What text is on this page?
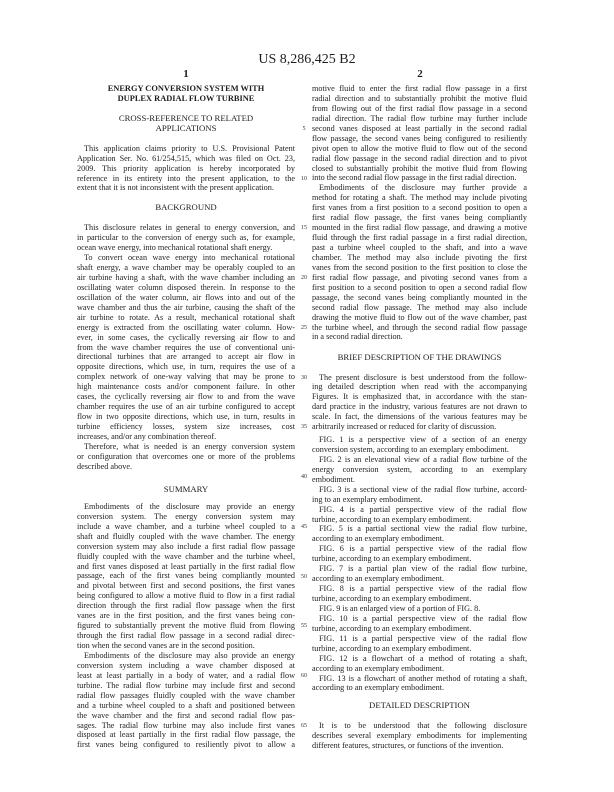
US 8,286,425 B2
1	2
5
10
15
20
25
30
35
40
45
50
55
60
65
ENERGY CONVERSION SYSTEM WITH
DUPLEX RADIAL FLOW TURBINE
CROSS-REFERENCE TO RELATED
APPLICATIONS
This application claims priority to U.S. Provisional Patent
Application Ser. No. 61/254,515, which was filed on Oct. 23,
2009. This priority application is hereby incorporated by
reference in its entirety into the present application, to the
extent that it is not inconsistent with the present application.
BACKGROUND
This disclosure relates in general to energy conversion, and
in particular to the conversion of energy such as, for example,
ocean wave energy, into mechanical rotational shaft energy.
To convert ocean wave energy into mechanical rotational
shaft energy, a wave chamber may be operably coupled to an
air turbine having a shaft, with the wave chamber including an
oscillating water column disposed therein. In response to the
oscillation of the water column, air flows into and out of the
wave chamber and thus the air turbine, causing the shaft of the
air turbine to rotate. As a result, mechanical rotational shaft
energy is extracted from the oscillating water column. How-
ever, in some cases, the cyclically reversing air flow to and
from the wave chamber requires the use of conventional uni-
directional turbines that are arranged to accept air flow in
opposite directions, which use, in turn, requires the use of a
complex network of one-way valving that may be prone to
high maintenance costs and/or component failure. In other
cases, the cyclically reversing air flow to and from the wave
chamber requires the use of an air turbine configured to accept
flow in two opposite directions, which use, in turn, results in
turbine efficiency losses, system size increases, cost
increases, and/or any combination thereof.
Therefore, what is needed is an energy conversion system
or configuration that overcomes one or more of the problems
described above.
SUMMARY
Embodiments of the disclosure may provide an energy
conversion system. The energy conversion system may
include a wave chamber, and a turbine wheel coupled to a
shaft and fluidly coupled with the wave chamber. The energy
conversion system may also include a first radial flow passage
fluidly coupled with the wave chamber and the turbine wheel,
and first vanes disposed at least partially in the first radial flow
passage, each of the first vanes being compliantly mounted
and pivotal between first and second positions, the first vanes
being configured to allow a motive fluid to flow in a first radial
direction through the first radial flow passage when the first
vanes are in the first position, and the first vanes being con-
figured to substantially prevent the motive fluid from flowing
through the first radial flow passage in a second radial direc-
tion when the second vanes are in the second position.
Embodiments of the disclosure may also provide an energy
conversion system including a wave chamber disposed at
least at least partially in a body of water, and a radial flow
turbine. The radial flow turbine may include first and second
radial flow passages fluidly coupled with the wave chamber
and a turbine wheel coupled to a shaft and positioned between
the wave chamber and the first and second radial flow pas-
sages. The radial flow turbine may also include first vanes
disposed at least partially in the first radial flow passage, the
first vanes being configured to resiliently pivot to allow a
motive fluid to enter the first radial flow passage in a first
radial direction and to substantially prohibit the motive fluid
from flowing out of the first radial flow passage in a second
radial direction. The radial flow turbine may further include
second vanes disposed at least partially in the second radial
flow passage, the second vanes being configured to resiliently
pivot open to allow the motive fluid to flow out of the second
radial flow passage in the second radial direction and to pivot
closed to substantially prohibit the motive fluid from flowing
into the second radial flow passage in the first radial direction.
Embodiments of the disclosure may further provide a
method for rotating a shaft. The method may include pivoting
first vanes from a first position to a second position to open a
first radial flow passage, the first vanes being compliantly
mounted in the first radial flow passage, and drawing a motive
fluid through the first radial passage in a first radial direction,
past a turbine wheel coupled to the shaft, and into a wave
chamber. The method may also include pivoting the first
vanes from the second position to the first position to close the
first radial flow passage, and pivoting second vanes from a
first position to a second position to open a second radial flow
passage, the second vanes being compliantly mounted in the
second radial flow passage. The method may also include
drawing the motive fluid to flow out of the wave chamber, past
the turbine wheel, and through the second radial flow passage
in a second radial direction.
BRIEF DESCRIPTION OF THE DRAWINGS
The present disclosure is best understood from the follow-
ing detailed description when read with the accompanying
Figures. It is emphasized that, in accordance with the stan-
dard practice in the industry, various features are not drawn to
scale. In fact, the dimensions of the various features may be
arbitrarily increased or reduced for clarity of discussion.
FIG. 1 is a perspective view of a section of an energy
conversion system, according to an exemplary embodiment.
FIG. 2 is an elevational view of a radial flow turbine of the
energy conversion system, according to an exemplary
embodiment.
FIG. 3 is a sectional view of the radial flow turbine, accord-
ing to an exemplary embodiment.
FIG. 4 is a partial perspective view of the radial flow
turbine, according to an exemplary embodiment.
FIG. 5 is a partial sectional view the radial flow turbine,
according to an exemplary embodiment.
FIG. 6 is a partial perspective view of the radial flow
turbine, according to an exemplary embodiment.
FIG. 7 is a partial plan view of the radial flow turbine,
according to an exemplary embodiment.
FIG. 8 is a partial perspective view of the radial flow
turbine, according to an exemplary embodiment.
FIG. 9 is an enlarged view of a portion of FIG. 8.
FIG. 10 is a partial perspective view of the radial flow
turbine, according to an exemplary embodiment.
FIG. 11 is a partial perspective view of the radial flow
turbine, according to an exemplary embodiment.
FIG. 12 is a flowchart of a method of rotating a shaft,
according to an exemplary embodiment.
FIG. 13 is a flowchart of another method of rotating a shaft,
according to an exemplary embodiment.
DETAILED DESCRIPTION
It is to be understood that the following disclosure
describes several exemplary embodiments for implementing
different features, structures, or functions of the invention.
